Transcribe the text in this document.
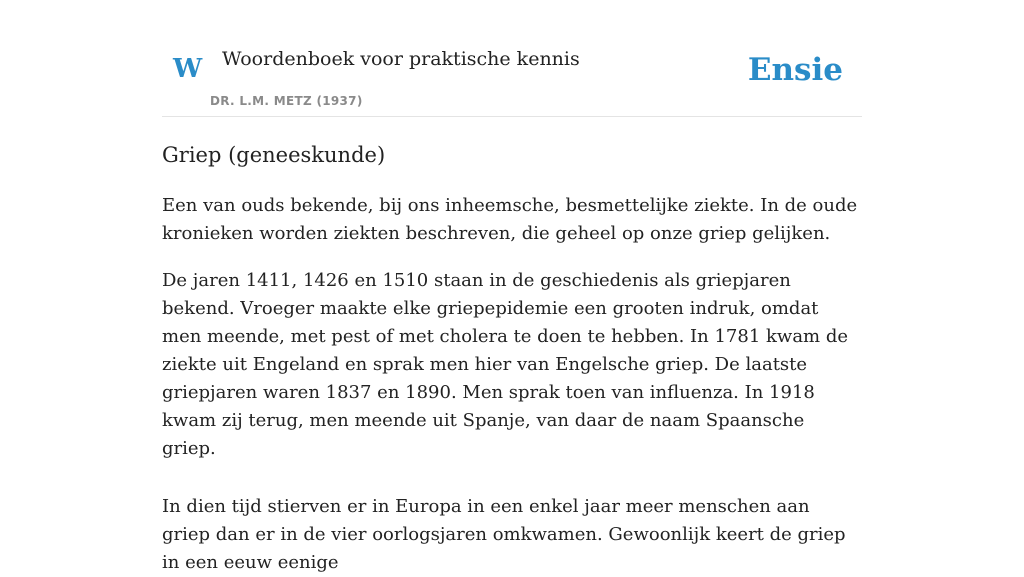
W Woordenboek voor praktische kennis
DR. L.M. METZ (1937)
Ensie
Griep (geneeskunde)

Een van ouds bekende, bij ons inheemsche, besmettelijke ziekte. In de oude kronieken worden ziekten beschreven, die geheel op onze griep gelijken.

De jaren 1411, 1426 en 1510 staan in de geschiedenis als griepjaren bekend. Vroeger maakte elke griepepidemie een grooten indruk, omdat men meende, met pest of met cholera te doen te hebben. In 1781 kwam de ziekte uit Engeland en sprak men hier van Engelsche griep. De laatste griepjaren waren 1837 en 1890. Men sprak toen van influenza. In 1918 kwam zij terug, men meende uit Spanje, van daar de naam Spaansche griep.

In dien tijd stierven er in Europa in een enkel jaar meer menschen aan griep dan er in de vier oorlogsjaren omkwamen. Gewoonlijk keert de griep in een eeuw eenige
